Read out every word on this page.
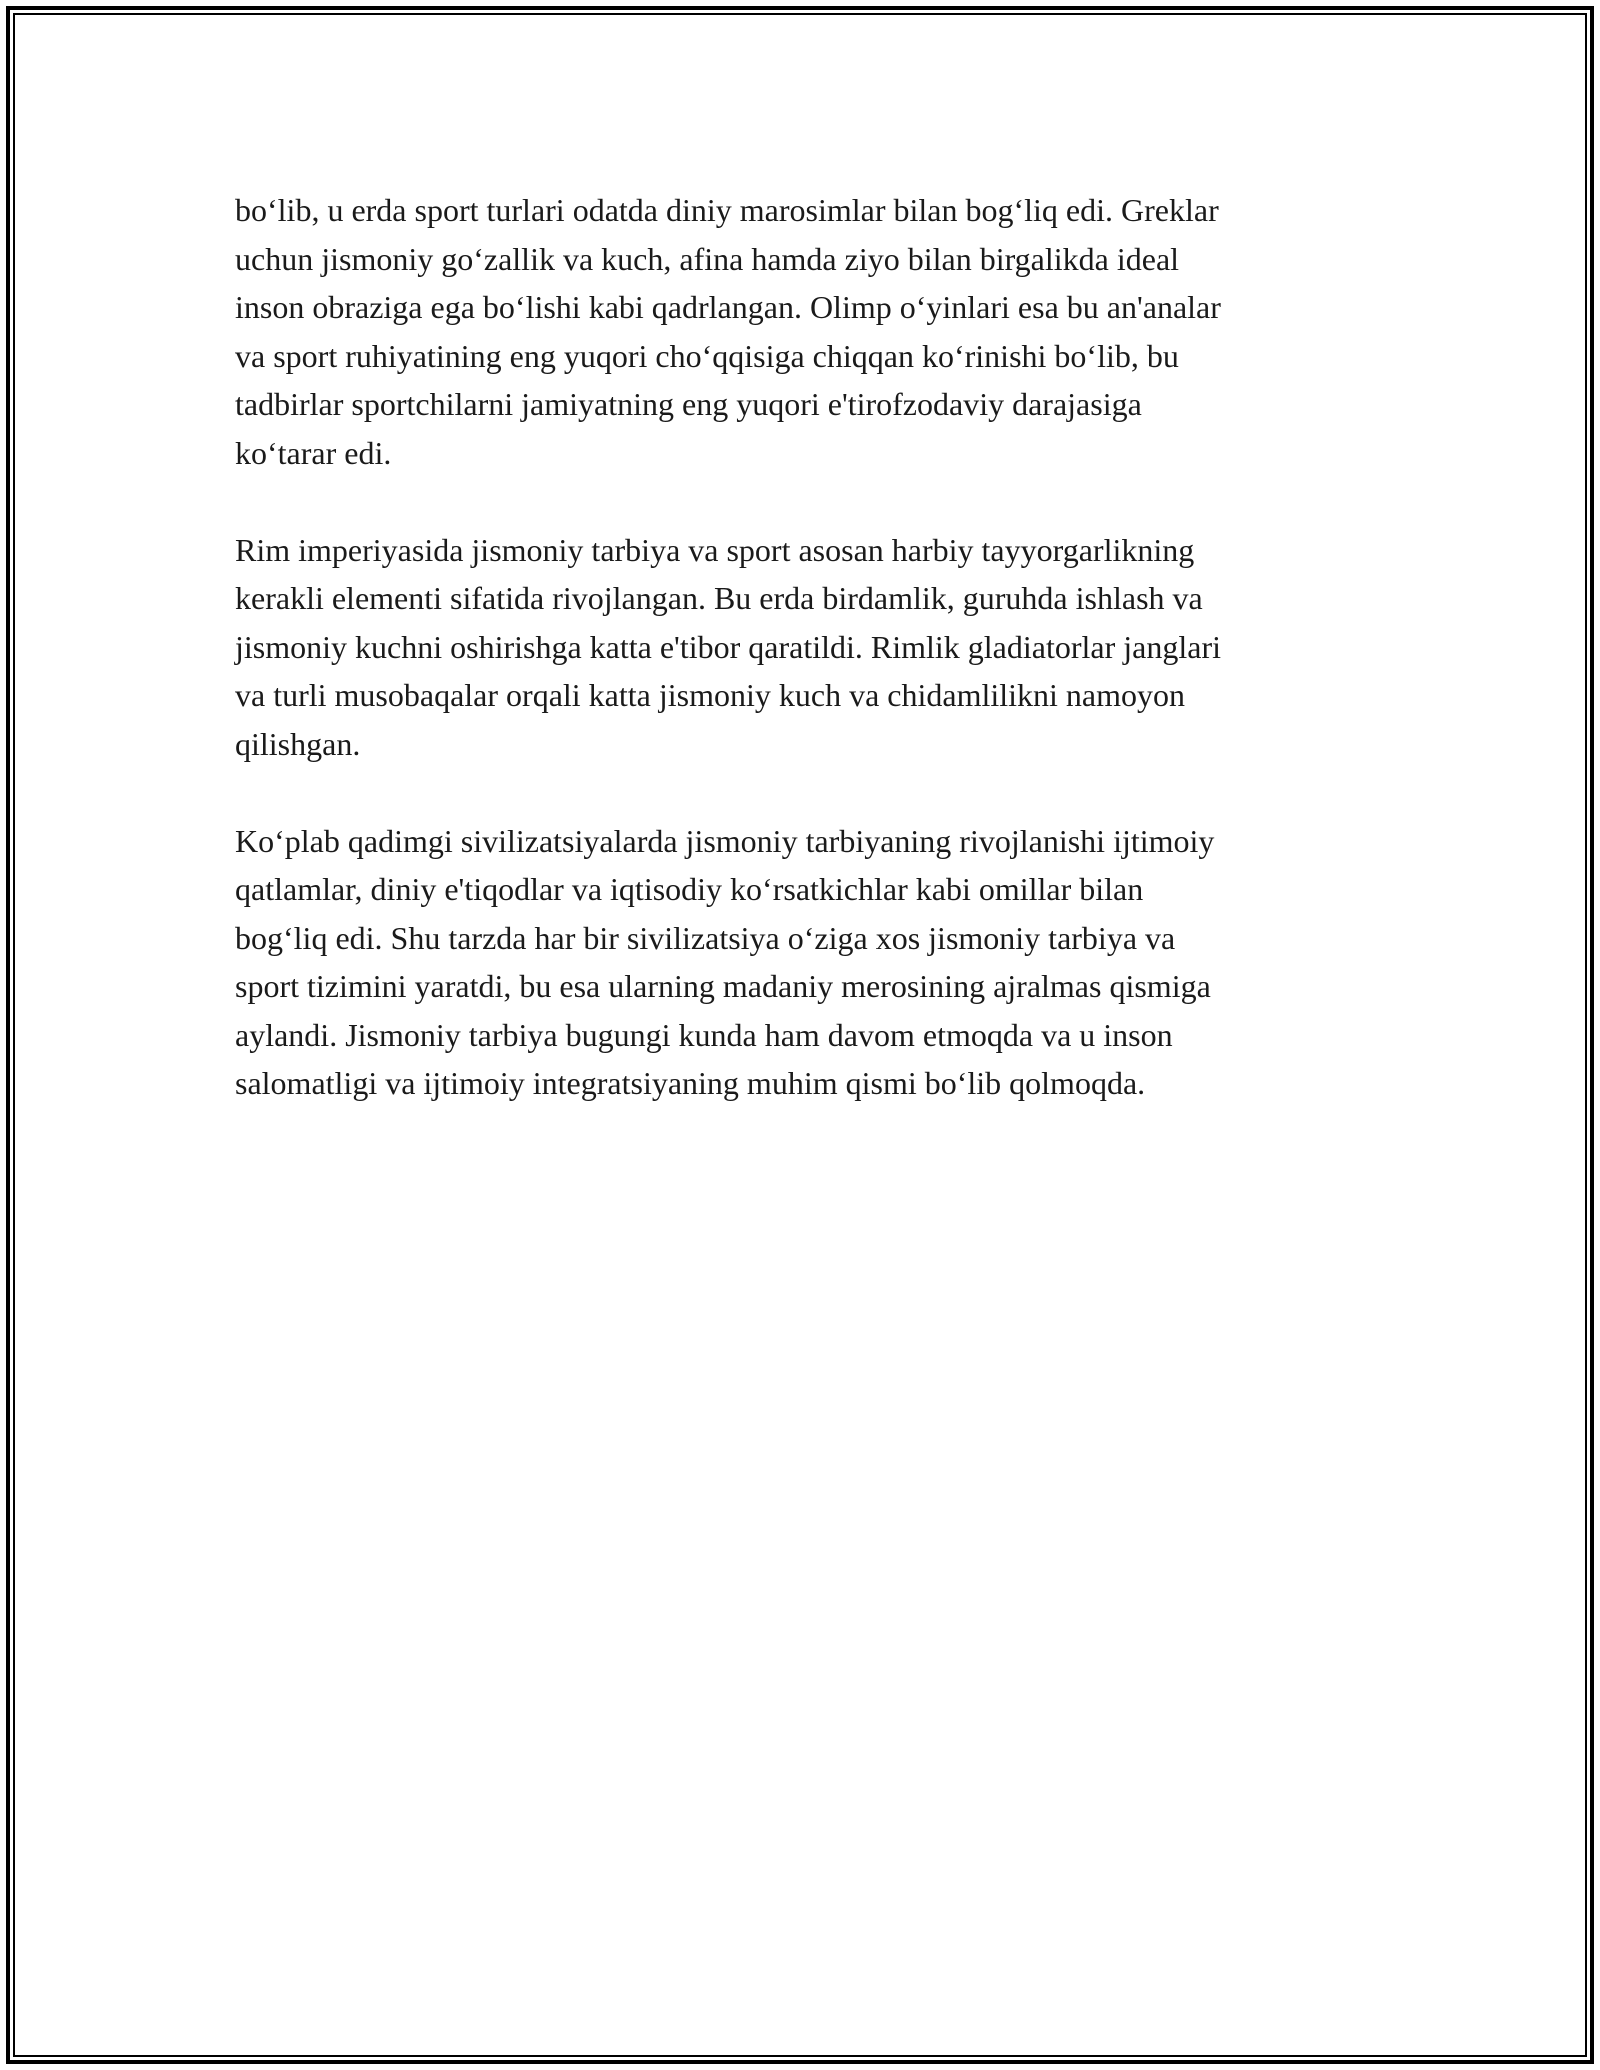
bo‘lib, u erda sport turlari odatda diniy marosimlar bilan bog‘liq edi. Greklar
uchun jismoniy go‘zallik va kuch, afina hamda ziyo bilan birgalikda ideal
inson obraziga ega bo‘lishi kabi qadrlangan. Olimp o‘yinlari esa bu an'analar
va sport ruhiyatining eng yuqori cho‘qqisiga chiqqan ko‘rinishi bo‘lib, bu
tadbirlar sportchilarni jamiyatning eng yuqori e'tirofzodaviy darajasiga
ko‘tarar edi.

Rim imperiyasida jismoniy tarbiya va sport asosan harbiy tayyorgarlikning
kerakli elementi sifatida rivojlangan. Bu erda birdamlik, guruhda ishlash va
jismoniy kuchni oshirishga katta e'tibor qaratildi. Rimlik gladiatorlar janglari
va turli musobaqalar orqali katta jismoniy kuch va chidamlilikni namoyon
qilishgan.

Ko‘plab qadimgi sivilizatsiyalarda jismoniy tarbiyaning rivojlanishi ijtimoiy
qatlamlar, diniy e'tiqodlar va iqtisodiy ko‘rsatkichlar kabi omillar bilan
bog‘liq edi. Shu tarzda har bir sivilizatsiya o‘ziga xos jismoniy tarbiya va
sport tizimini yaratdi, bu esa ularning madaniy merosining ajralmas qismiga
aylandi. Jismoniy tarbiya bugungi kunda ham davom etmoqda va u inson
salomatligi va ijtimoiy integratsiyaning muhim qismi bo‘lib qolmoqda.
